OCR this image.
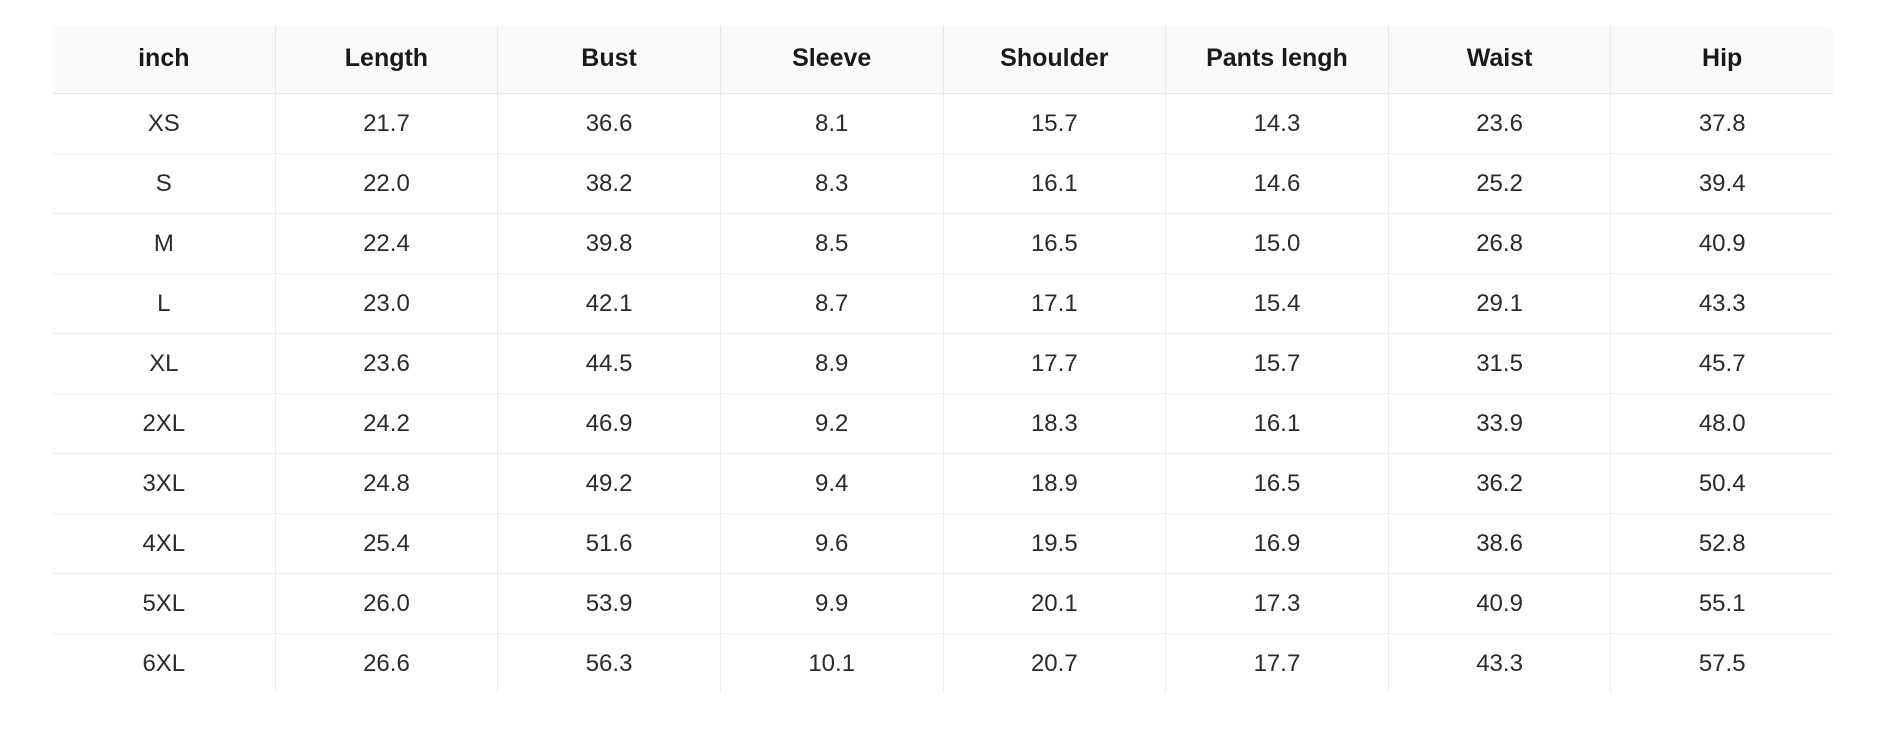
inch	Length	Bust	Sleeve	Shoulder	Pants lengh	Waist	Hip
XS	21.7	36.6	8.1	15.7	14.3	23.6	37.8
S	22.0	38.2	8.3	16.1	14.6	25.2	39.4
M	22.4	39.8	8.5	16.5	15.0	26.8	40.9
L	23.0	42.1	8.7	17.1	15.4	29.1	43.3
XL	23.6	44.5	8.9	17.7	15.7	31.5	45.7
2XL	24.2	46.9	9.2	18.3	16.1	33.9	48.0
3XL	24.8	49.2	9.4	18.9	16.5	36.2	50.4
4XL	25.4	51.6	9.6	19.5	16.9	38.6	52.8
5XL	26.0	53.9	9.9	20.1	17.3	40.9	55.1
6XL	26.6	56.3	10.1	20.7	17.7	43.3	57.5
